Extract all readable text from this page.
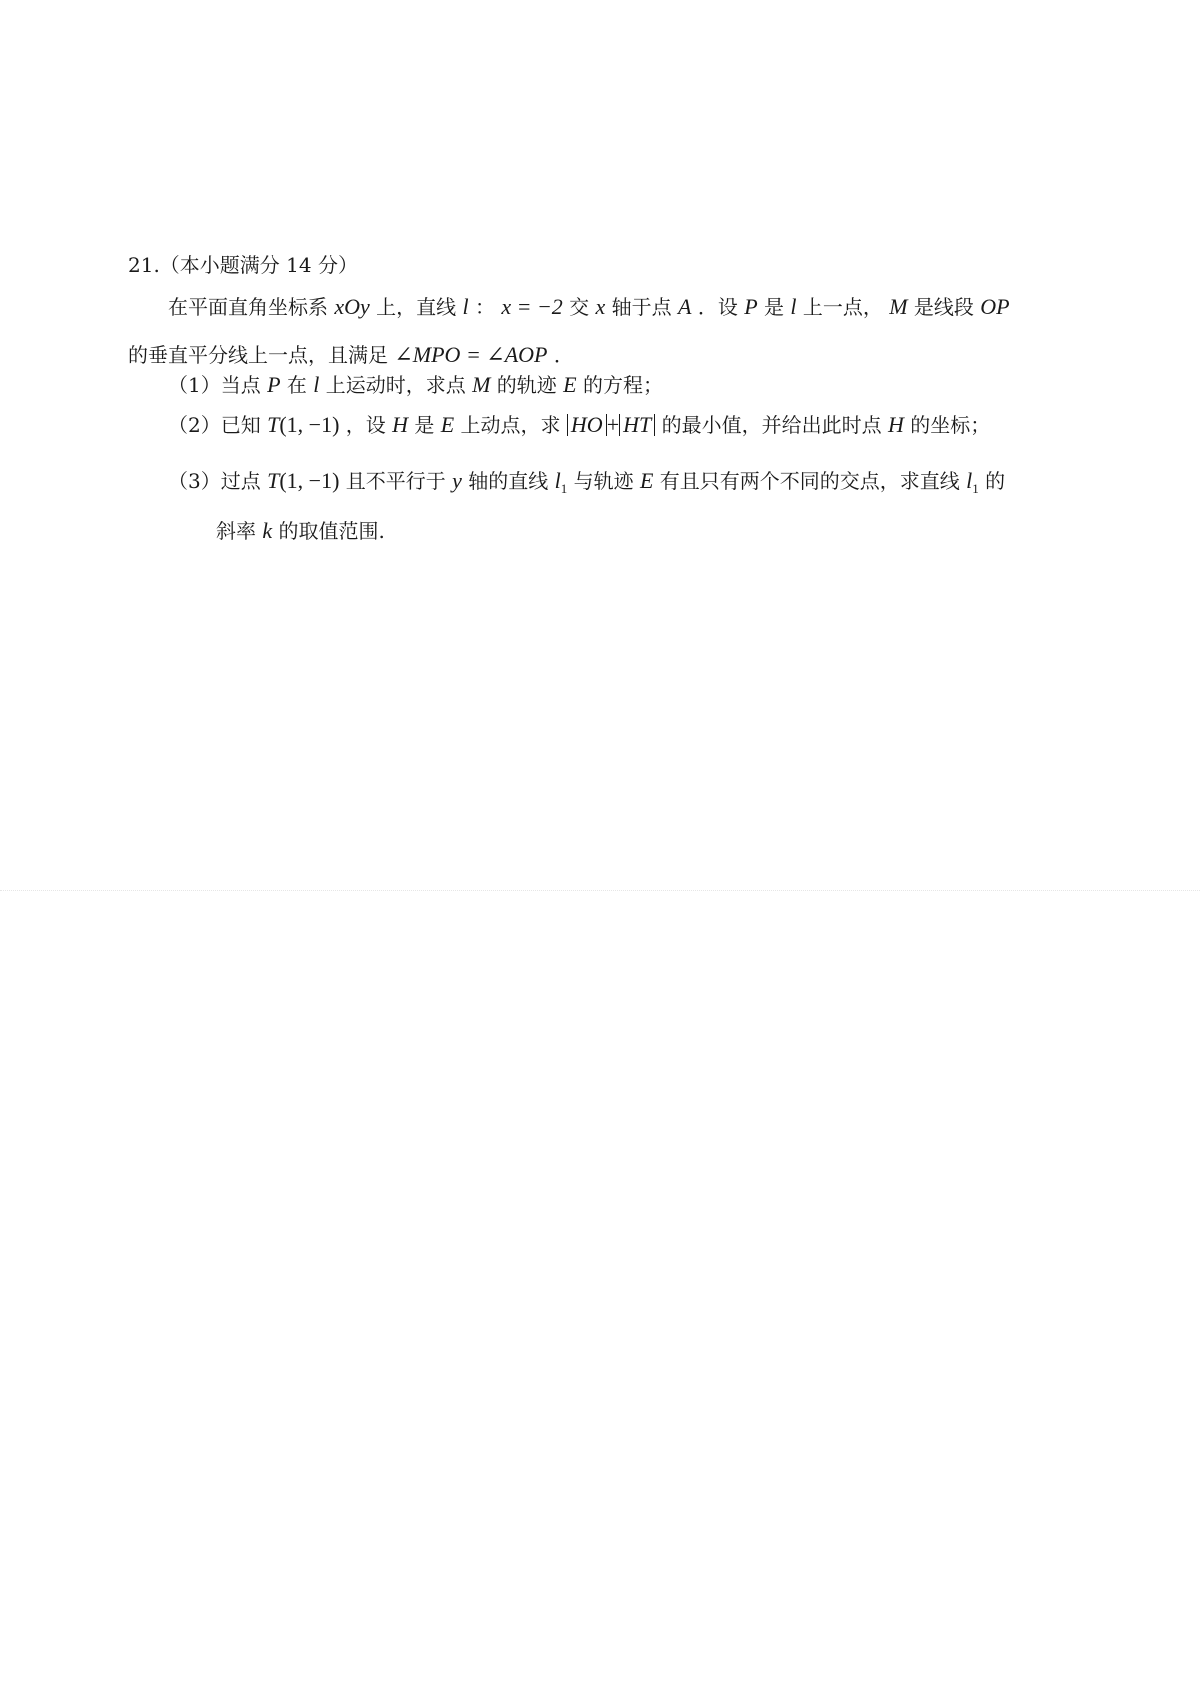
21.（本小题满分 14 分）
在平面直角坐标系 xOy 上，直线 l ： x = −2 交 x 轴于点 A ．设 P 是 l 上一点， M 是线段 OP
的垂直平分线上一点，且满足 ∠MPO = ∠AOP ．
（1）当点 P 在 l 上运动时，求点 M 的轨迹 E 的方程；
（2）已知 T(1, −1) ，设 H 是 E 上动点，求 HO + HT 的最小值，并给出此时点 H 的坐标；
（3）过点 T(1, −1) 且不平行于 y 轴的直线 $l_1$ 与轨迹 E 有且只有两个不同的交点，求直线 $l_1$ 的
斜率 k 的取值范围.
